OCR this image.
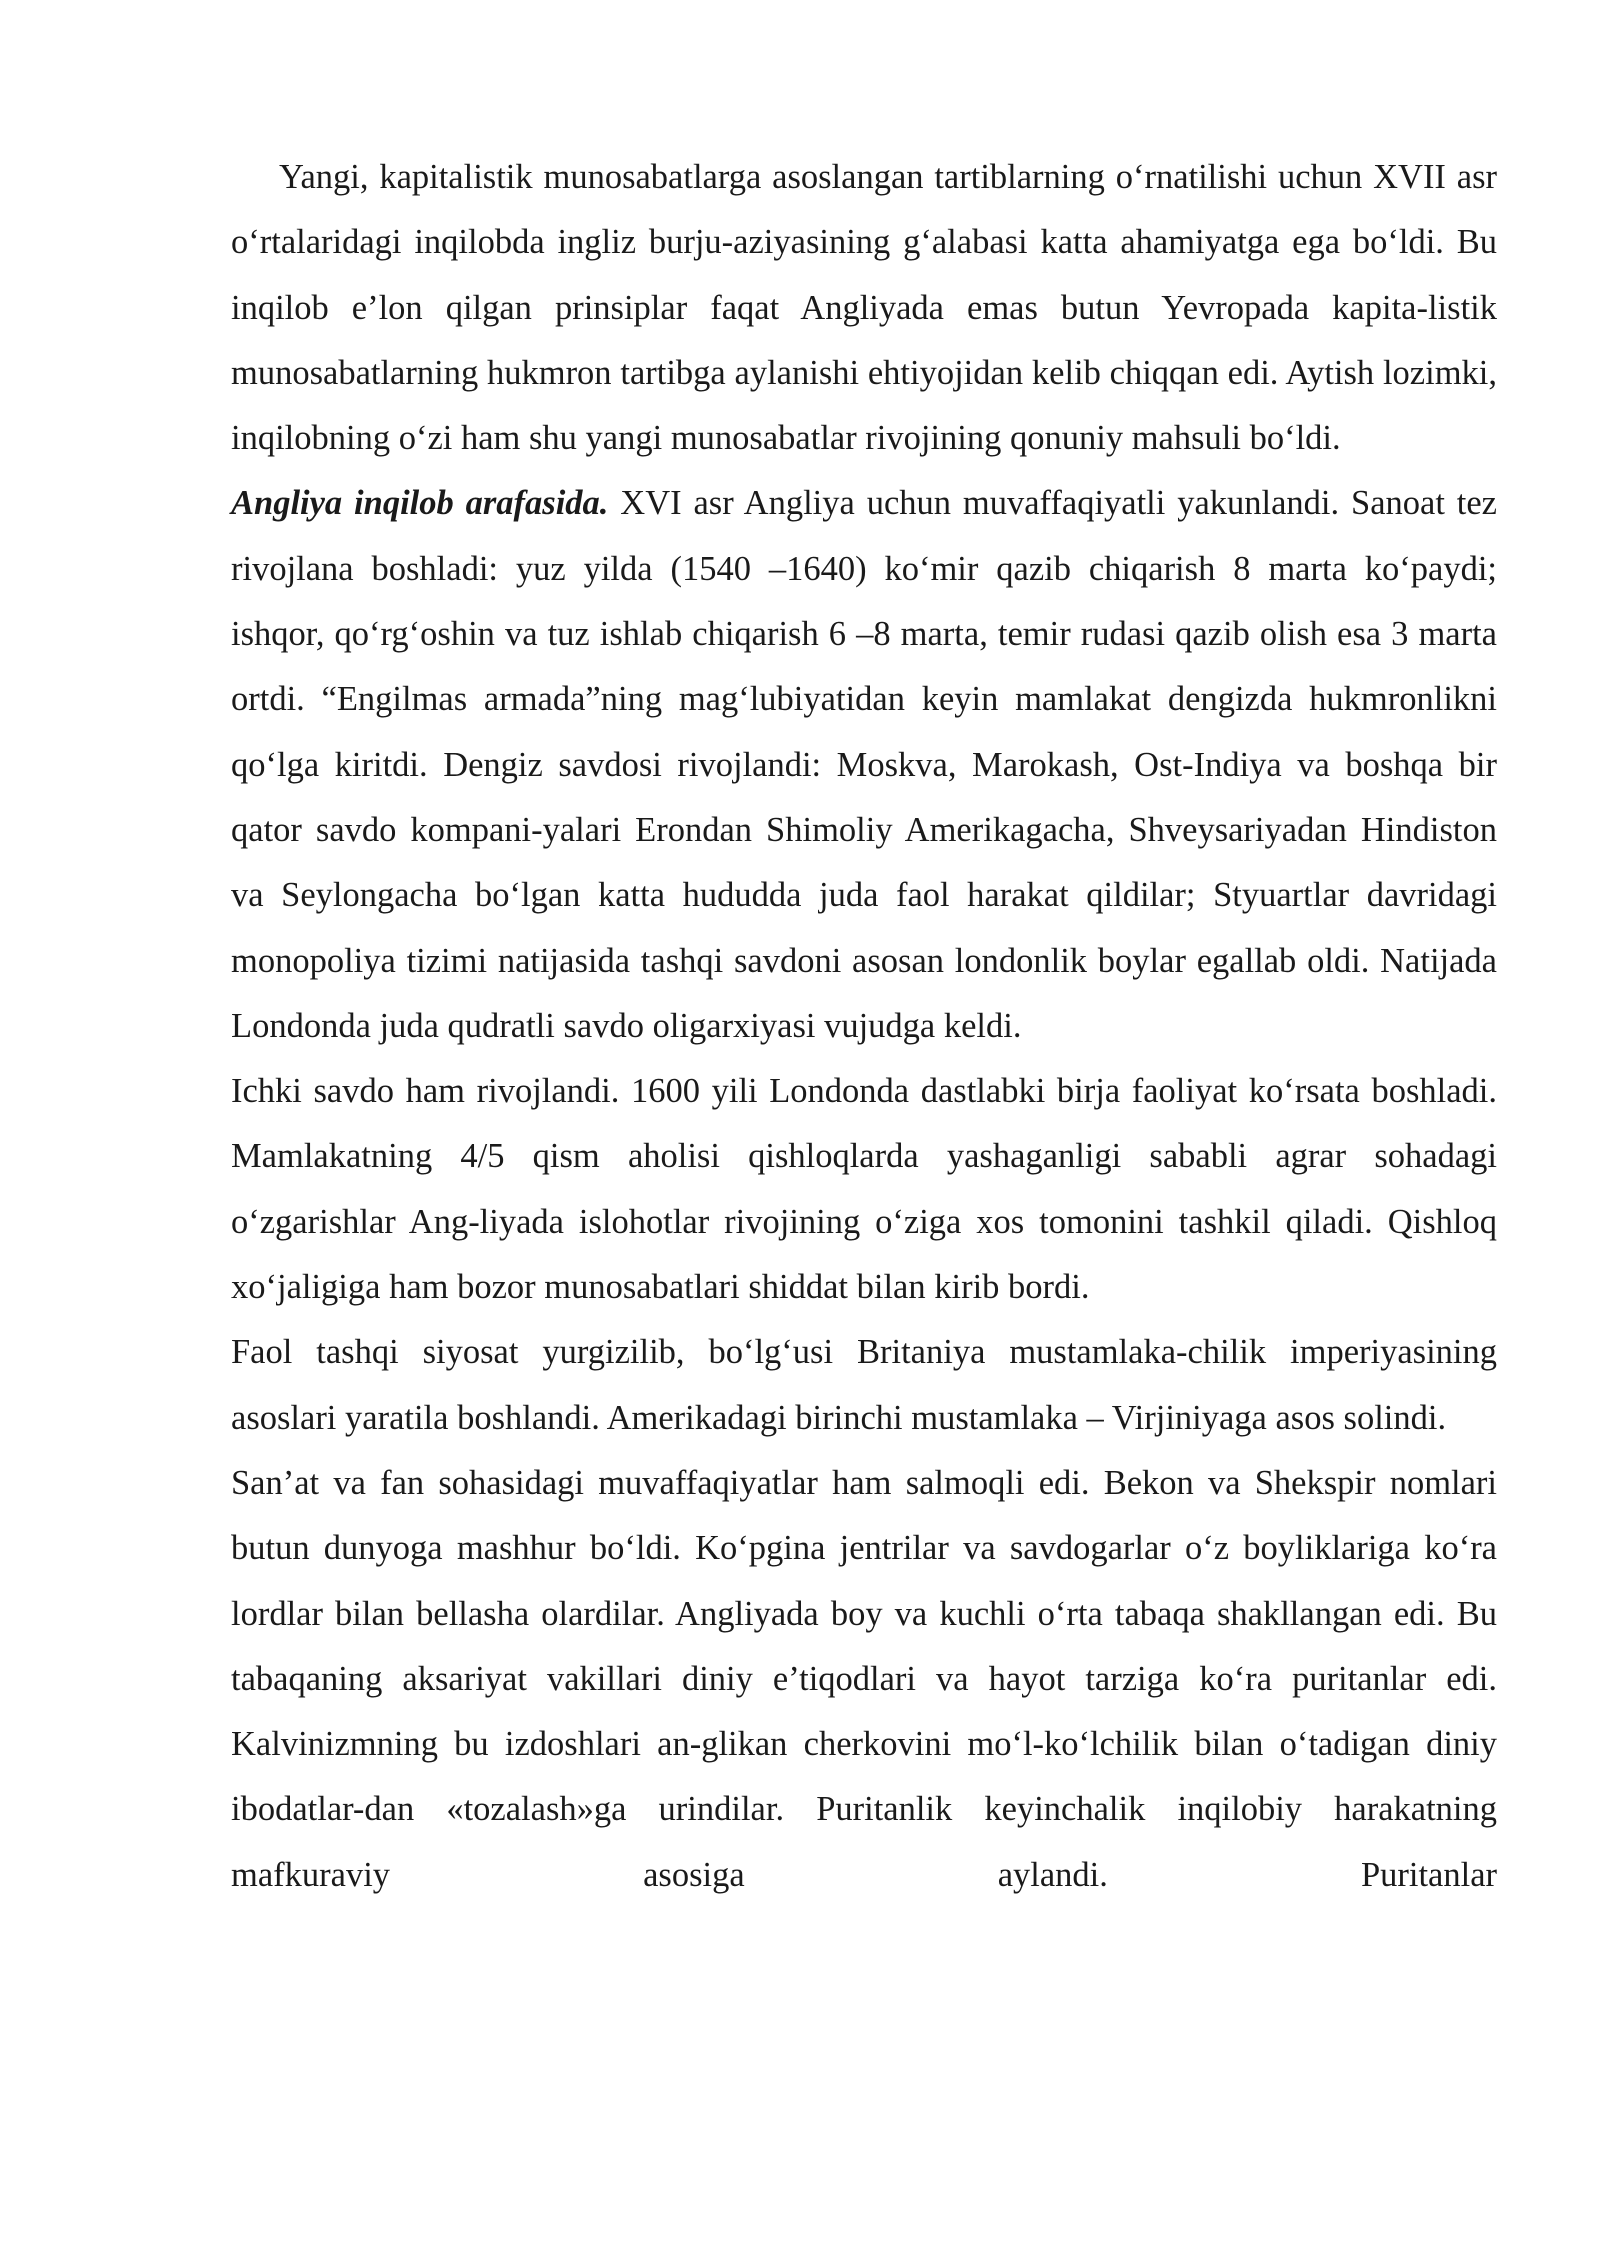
Yangi, kapitalistik munosabatlarga asoslangan tartiblarning o‘rnatilishi uchun XVII asr o‘rtalaridagi inqilobda ingliz burju-aziyasining g‘alabasi katta ahamiyatga ega bo‘ldi. Bu inqilob e’lon qilgan prinsiplar faqat Angliyada emas butun Yevropada kapita-listik munosabatlarning hukmron tartibga aylanishi ehtiyojidan kelib chiqqan edi. Aytish lozimki, inqilobning o‘zi ham shu yangi munosabatlar rivojining qonuniy mahsuli bo‘ldi.

Angliya inqilob arafasida. XVI asr Angliya uchun muvaffaqiyatli yakunlandi. Sanoat tez rivojlana boshladi: yuz yilda (1540 –1640) ko‘mir qazib chiqarish 8 marta ko‘paydi; ishqor, qo‘rg‘oshin va tuz ishlab chiqarish 6 –8 marta, temir rudasi qazib olish esa 3 marta ortdi. “Engilmas armada”ning mag‘lubiyatidan keyin mamlakat dengizda hukmronlikni qo‘lga kiritdi. Dengiz savdosi rivojlandi: Moskva, Marokash, Ost-Indiya va boshqa bir qator savdo kompani-yalari Erondan Shimoliy Amerikagacha, Shveysariyadan Hindiston va Seylongacha bo‘lgan katta hududda juda faol harakat qildilar; Styuartlar davridagi monopoliya tizimi natijasida tashqi savdoni asosan londonlik boylar egallab oldi. Natijada Londonda juda qudratli savdo oligarxiyasi vujudga keldi.

Ichki savdo ham rivojlandi. 1600 yili Londonda dastlabki birja faoliyat ko‘rsata boshladi. Mamlakatning 4/5 qism aholisi qishloqlarda yashaganligi sababli agrar sohadagi o‘zgarishlar Ang-liyada islohotlar rivojining o‘ziga xos tomonini tashkil qiladi. Qishloq xo‘jaligiga ham bozor munosabatlari shiddat bilan kirib bordi.

Faol tashqi siyosat yurgizilib, bo‘lg‘usi Britaniya mustamlaka-chilik imperiyasining asoslari yaratila boshlandi. Amerikadagi birinchi mustamlaka – Virjiniyaga asos solindi.

San’at va fan sohasidagi muvaffaqiyatlar ham salmoqli edi. Bekon va Shekspir nomlari butun dunyoga mashhur bo‘ldi. Ko‘pgina jentrilar va savdogarlar o‘z boyliklariga ko‘ra lordlar bilan bellasha olardilar. Angliyada boy va kuchli o‘rta tabaqa shakllangan edi. Bu tabaqaning aksariyat vakillari diniy e’tiqodlari va hayot tarziga ko‘ra puritanlar edi. Kalvinizmning bu izdoshlari an-glikan cherkovini mo‘l-ko‘lchilik bilan o‘tadigan diniy ibodatlar-dan «tozalash»ga urindilar. Puritanlik keyinchalik inqilobiy harakatning mafkuraviy asosiga aylandi. Puritanlar
